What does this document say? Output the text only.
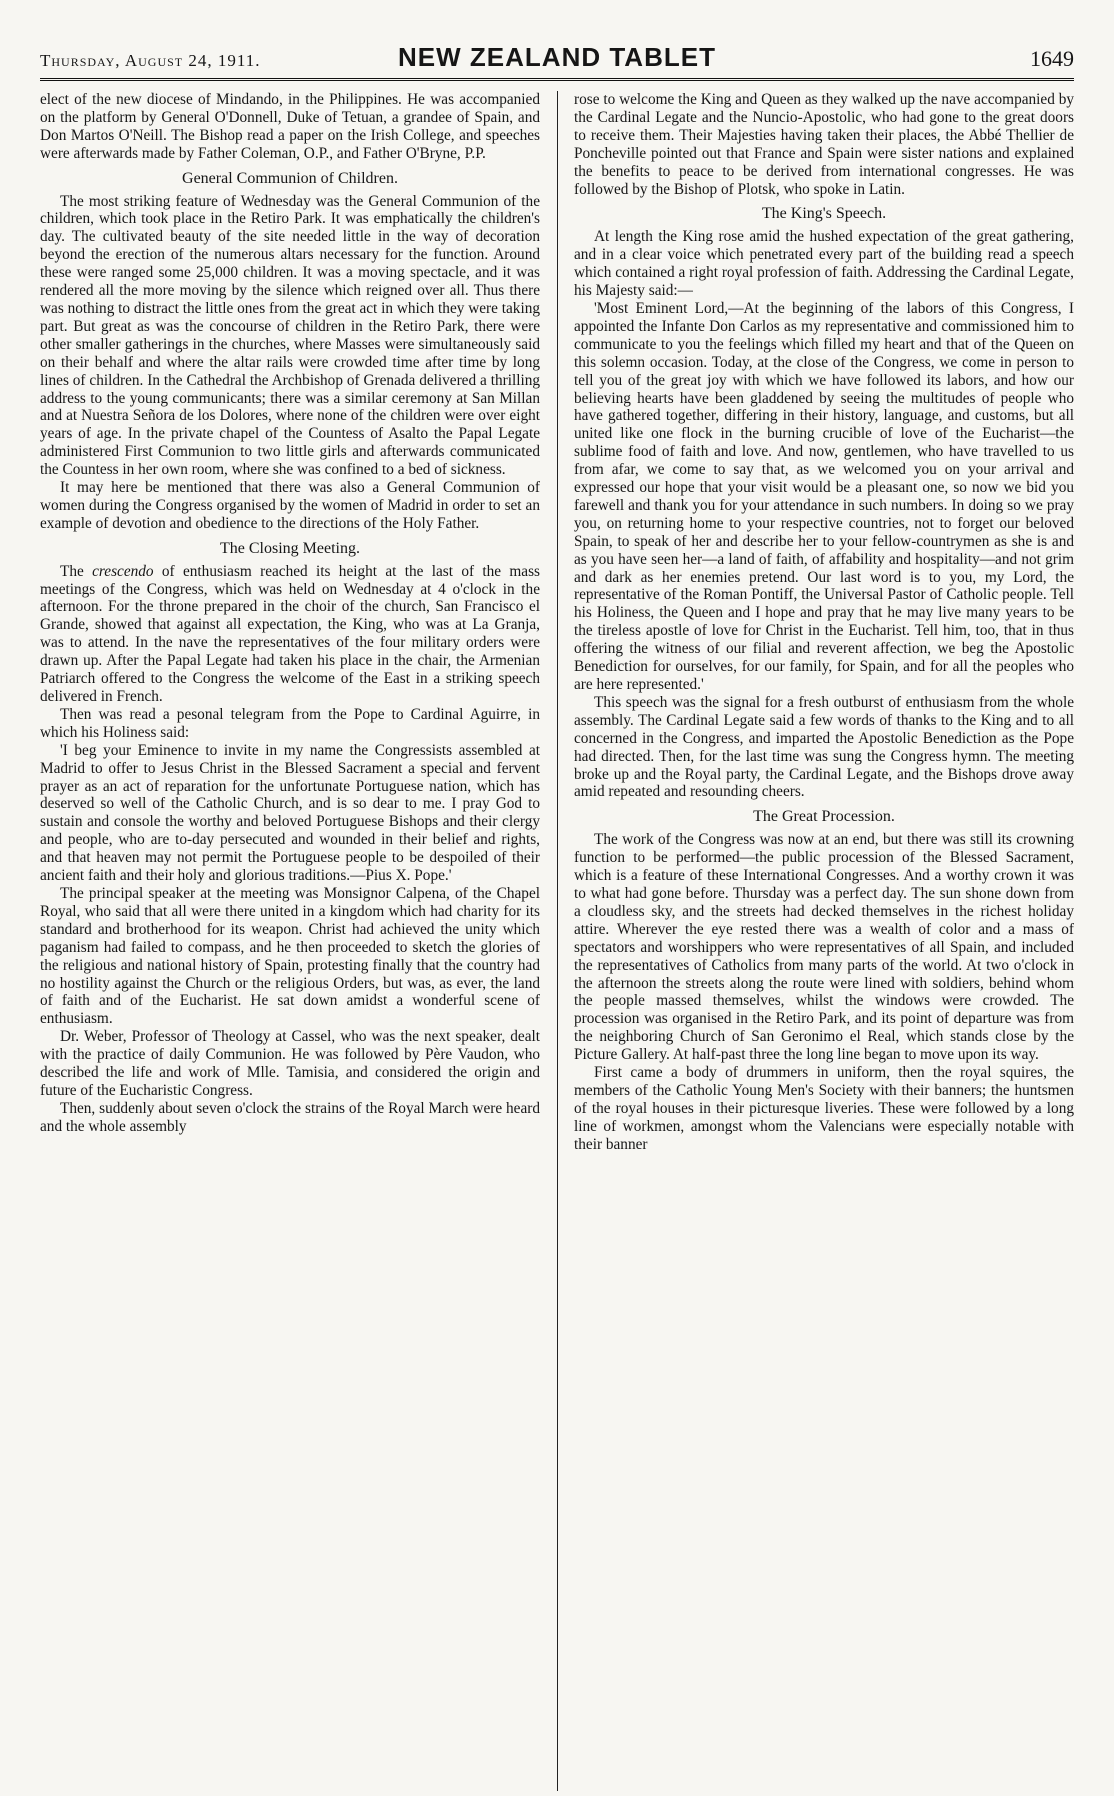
Thursday, August 24, 1911.	NEW ZEALAND TABLET	1649

elect of the new diocese of Mindando, in the Philippines. He was accompanied on the platform by General O'Donnell, Duke of Tetuan, a grandee of Spain, and Don Martos O'Neill. The Bishop read a paper on the Irish College, and speeches were afterwards made by Father Coleman, O.P., and Father O'Bryne, P.P.

General Communion of Children.

The most striking feature of Wednesday was the General Communion of the children, which took place in the Retiro Park. It was emphatically the children's day. The cultivated beauty of the site needed little in the way of decoration beyond the erection of the numerous altars necessary for the function. Around these were ranged some 25,000 children. It was a moving spectacle, and it was rendered all the more moving by the silence which reigned over all. Thus there was nothing to distract the little ones from the great act in which they were taking part. But great as was the concourse of children in the Retiro Park, there were other smaller gatherings in the churches, where Masses were simultaneously said on their behalf and where the altar rails were crowded time after time by long lines of children. In the Cathedral the Archbishop of Grenada delivered a thrilling address to the young communicants; there was a similar ceremony at San Millan and at Nuestra Señora de los Dolores, where none of the children were over eight years of age. In the private chapel of the Countess of Asalto the Papal Legate administered First Communion to two little girls and afterwards communicated the Countess in her own room, where she was confined to a bed of sickness.

It may here be mentioned that there was also a General Communion of women during the Congress organised by the women of Madrid in order to set an example of devotion and obedience to the directions of the Holy Father.

The Closing Meeting.

The crescendo of enthusiasm reached its height at the last of the mass meetings of the Congress, which was held on Wednesday at 4 o'clock in the afternoon. For the throne prepared in the choir of the church, San Francisco el Grande, showed that against all expectation, the King, who was at La Granja, was to attend. In the nave the representatives of the four military orders were drawn up. After the Papal Legate had taken his place in the chair, the Armenian Patriarch offered to the Congress the welcome of the East in a striking speech delivered in French.

Then was read a pesonal telegram from the Pope to Cardinal Aguirre, in which his Holiness said:

'I beg your Eminence to invite in my name the Congressists assembled at Madrid to offer to Jesus Christ in the Blessed Sacrament a special and fervent prayer as an act of reparation for the unfortunate Portuguese nation, which has deserved so well of the Catholic Church, and is so dear to me. I pray God to sustain and console the worthy and beloved Portuguese Bishops and their clergy and people, who are to-day persecuted and wounded in their belief and rights, and that heaven may not permit the Portuguese people to be despoiled of their ancient faith and their holy and glorious traditions.—Pius X. Pope.'

The principal speaker at the meeting was Monsignor Calpena, of the Chapel Royal, who said that all were there united in a kingdom which had charity for its standard and brotherhood for its weapon. Christ had achieved the unity which paganism had failed to compass, and he then proceeded to sketch the glories of the religious and national history of Spain, protesting finally that the country had no hostility against the Church or the religious Orders, but was, as ever, the land of faith and of the Eucharist. He sat down amidst a wonderful scene of enthusiasm.

Dr. Weber, Professor of Theology at Cassel, who was the next speaker, dealt with the practice of daily Communion. He was followed by Père Vaudon, who described the life and work of Mlle. Tamisia, and considered the origin and future of the Eucharistic Congress.

Then, suddenly about seven o'clock the strains of the Royal March were heard and the whole assembly

rose to welcome the King and Queen as they walked up the nave accompanied by the Cardinal Legate and the Nuncio-Apostolic, who had gone to the great doors to receive them. Their Majesties having taken their places, the Abbé Thellier de Poncheville pointed out that France and Spain were sister nations and explained the benefits to peace to be derived from international congresses. He was followed by the Bishop of Plotsk, who spoke in Latin.

The King's Speech.

At length the King rose amid the hushed expectation of the great gathering, and in a clear voice which penetrated every part of the building read a speech which contained a right royal profession of faith. Addressing the Cardinal Legate, his Majesty said:—

'Most Eminent Lord,—At the beginning of the labors of this Congress, I appointed the Infante Don Carlos as my representative and commissioned him to communicate to you the feelings which filled my heart and that of the Queen on this solemn occasion. Today, at the close of the Congress, we come in person to tell you of the great joy with which we have followed its labors, and how our believing hearts have been gladdened by seeing the multitudes of people who have gathered together, differing in their history, language, and customs, but all united like one flock in the burning crucible of love of the Eucharist—the sublime food of faith and love. And now, gentlemen, who have travelled to us from afar, we come to say that, as we welcomed you on your arrival and expressed our hope that your visit would be a pleasant one, so now we bid you farewell and thank you for your attendance in such numbers. In doing so we pray you, on returning home to your respective countries, not to forget our beloved Spain, to speak of her and describe her to your fellow-countrymen as she is and as you have seen her—a land of faith, of affability and hospitality—and not grim and dark as her enemies pretend. Our last word is to you, my Lord, the representative of the Roman Pontiff, the Universal Pastor of Catholic people. Tell his Holiness, the Queen and I hope and pray that he may live many years to be the tireless apostle of love for Christ in the Eucharist. Tell him, too, that in thus offering the witness of our filial and reverent affection, we beg the Apostolic Benediction for ourselves, for our family, for Spain, and for all the peoples who are here represented.'

This speech was the signal for a fresh outburst of enthusiasm from the whole assembly. The Cardinal Legate said a few words of thanks to the King and to all concerned in the Congress, and imparted the Apostolic Benediction as the Pope had directed. Then, for the last time was sung the Congress hymn. The meeting broke up and the Royal party, the Cardinal Legate, and the Bishops drove away amid repeated and resounding cheers.

The Great Procession.

The work of the Congress was now at an end, but there was still its crowning function to be performed—the public procession of the Blessed Sacrament, which is a feature of these International Congresses. And a worthy crown it was to what had gone before. Thursday was a perfect day. The sun shone down from a cloudless sky, and the streets had decked themselves in the richest holiday attire. Wherever the eye rested there was a wealth of color and a mass of spectators and worshippers who were representatives of all Spain, and included the representatives of Catholics from many parts of the world. At two o'clock in the afternoon the streets along the route were lined with soldiers, behind whom the people massed themselves, whilst the windows were crowded. The procession was organised in the Retiro Park, and its point of departure was from the neighboring Church of San Geronimo el Real, which stands close by the Picture Gallery. At half-past three the long line began to move upon its way.

First came a body of drummers in uniform, then the royal squires, the members of the Catholic Young Men's Society with their banners; the huntsmen of the royal houses in their picturesque liveries. These were followed by a long line of workmen, amongst whom the Valencians were especially notable with their banner
